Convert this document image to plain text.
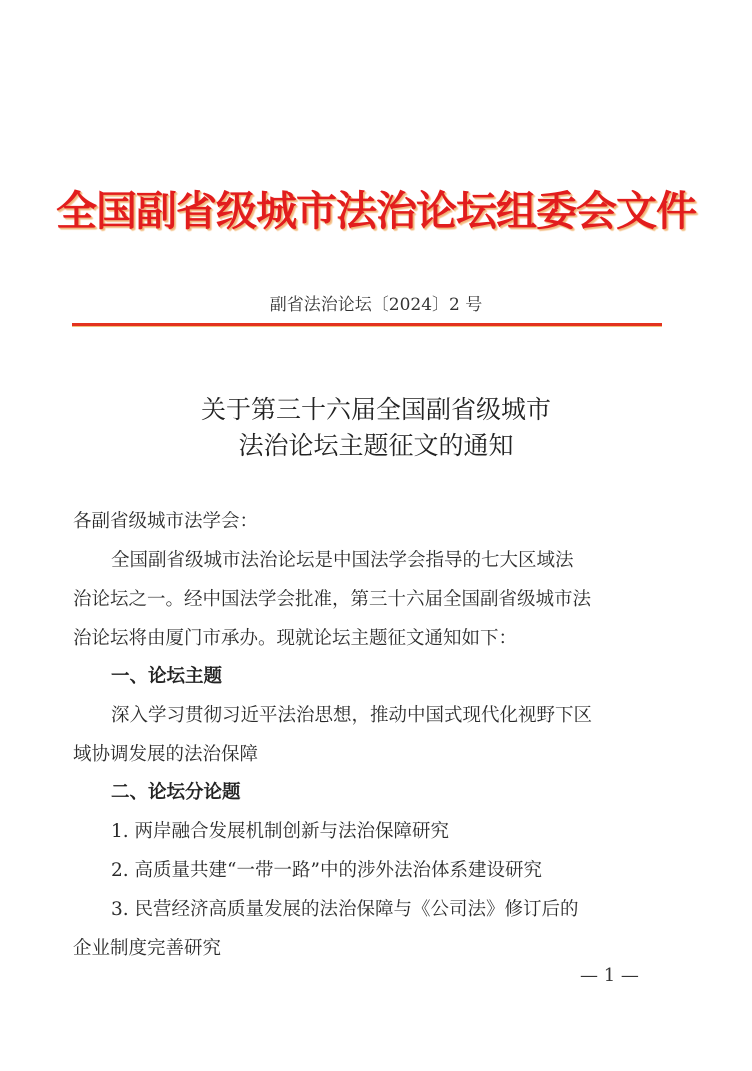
全国副省级城市法治论坛组委会文件
副省法治论坛〔2024〕2 号
关于第三十六届全国副省级城市
法治论坛主题征文的通知
各副省级城市法学会：
全国副省级城市法治论坛是中国法学会指导的七大区域法
治论坛之一。经中国法学会批准，第三十六届全国副省级城市法
治论坛将由厦门市承办。现就论坛主题征文通知如下：
一、论坛主题
深入学习贯彻习近平法治思想，推动中国式现代化视野下区
域协调发展的法治保障
二、论坛分论题
1. 两岸融合发展机制创新与法治保障研究
2. 高质量共建“一带一路”中的涉外法治体系建设研究
3. 民营经济高质量发展的法治保障与《公司法》修订后的
企业制度完善研究
— 1 —
